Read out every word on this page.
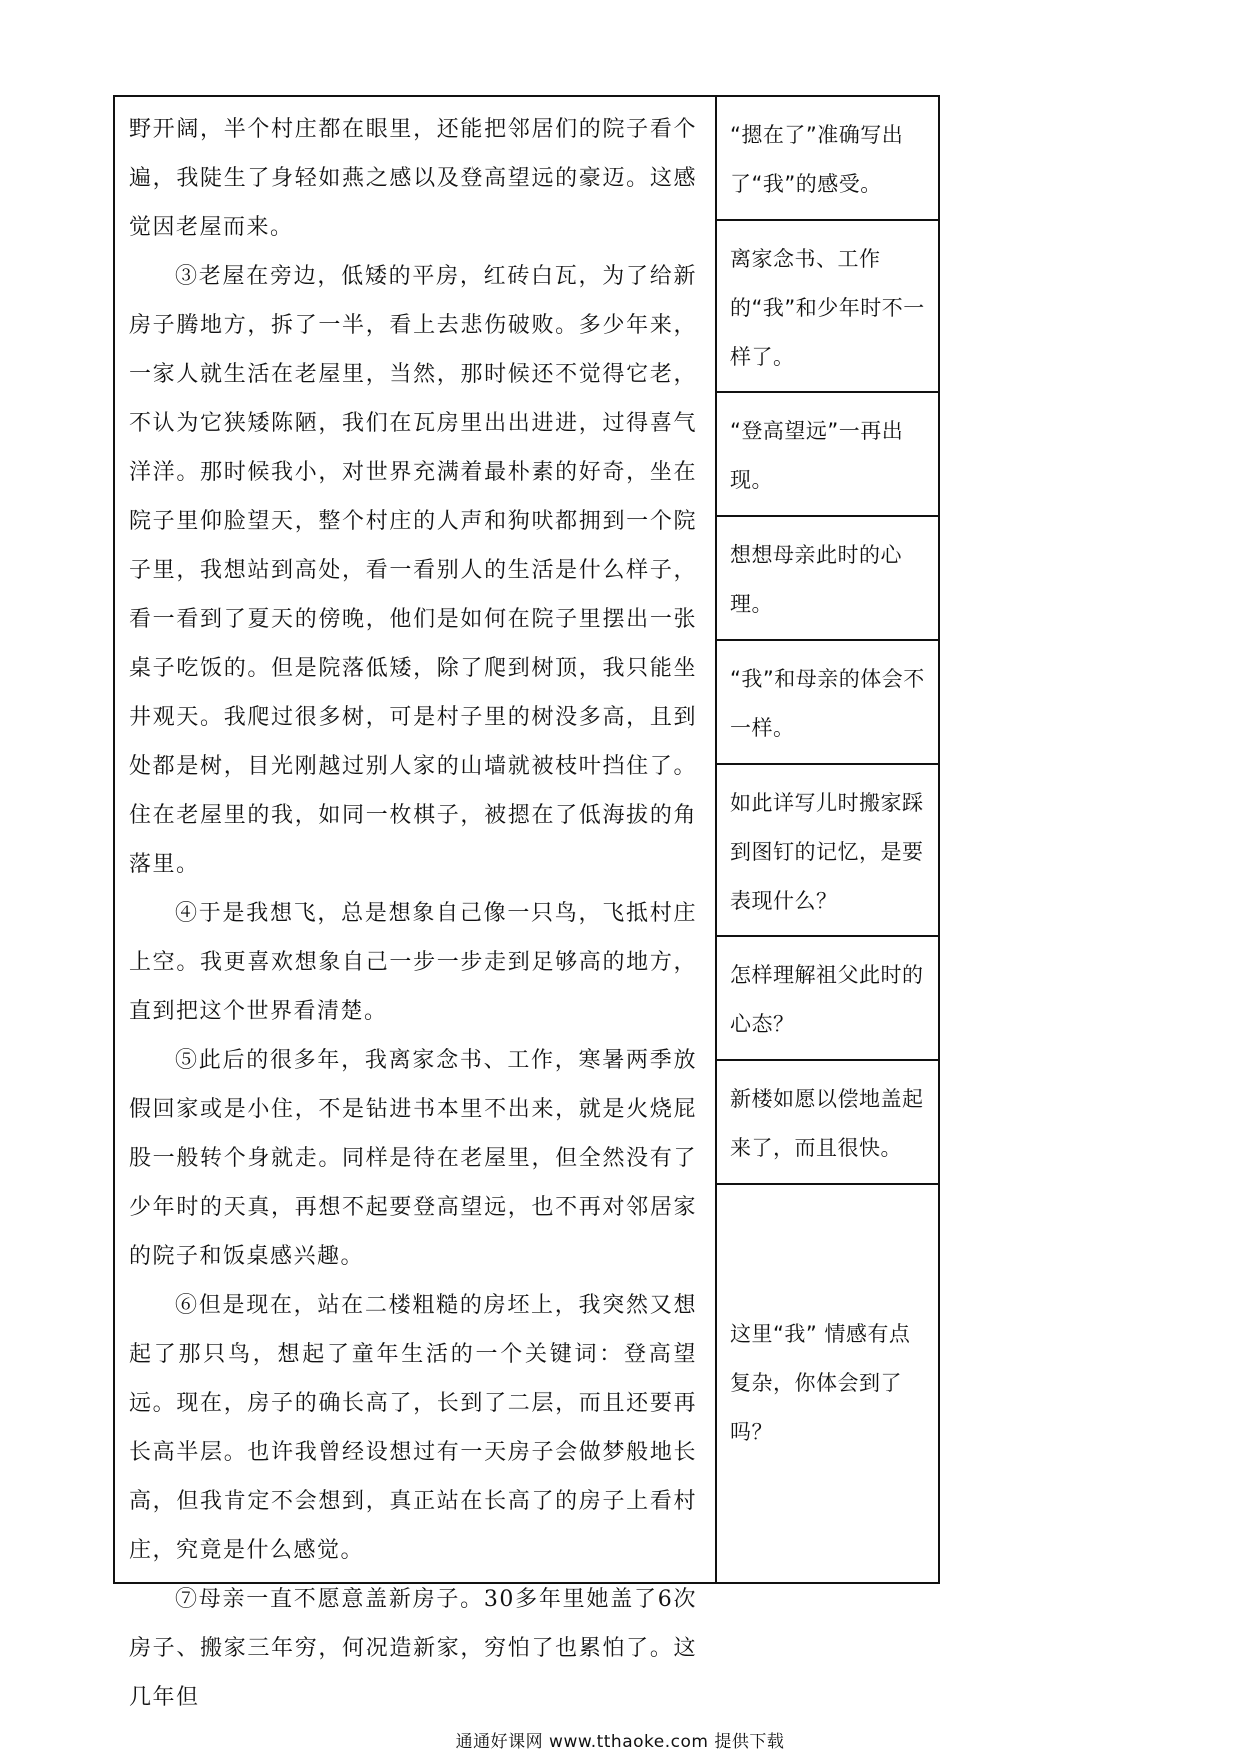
野开阔，半个村庄都在眼里，还能把邻居们的院子看个遍，我陡生了身轻如燕之感以及登高望远的豪迈。这感觉因老屋而来。

③老屋在旁边，低矮的平房，红砖白瓦，为了给新房子腾地方，拆了一半，看上去悲伤破败。多少年来，一家人就生活在老屋里，当然，那时候还不觉得它老，不认为它狭矮陈陋，我们在瓦房里出出进进，过得喜气洋洋。那时候我小，对世界充满着最朴素的好奇，坐在院子里仰脸望天，整个村庄的人声和狗吠都拥到一个院子里，我想站到高处，看一看别人的生活是什么样子，看一看到了夏天的傍晚，他们是如何在院子里摆出一张桌子吃饭的。但是院落低矮，除了爬到树顶，我只能坐井观天。我爬过很多树，可是村子里的树没多高，且到处都是树，目光刚越过别人家的山墙就被枝叶挡住了。住在老屋里的我，如同一枚棋子，被摁在了低海拔的角落里。

④于是我想飞，总是想象自己像一只鸟，飞抵村庄上空。我更喜欢想象自己一步一步走到足够高的地方，直到把这个世界看清楚。

⑤此后的很多年，我离家念书、工作，寒暑两季放假回家或是小住，不是钻进书本里不出来，就是火烧屁股一般转个身就走。同样是待在老屋里，但全然没有了少年时的天真，再想不起要登高望远，也不再对邻居家的院子和饭桌感兴趣。

⑥但是现在，站在二楼粗糙的房坯上，我突然又想起了那只鸟，想起了童年生活的一个关键词：登高望远。现在，房子的确长高了，长到了二层，而且还要再长高半层。也许我曾经设想过有一天房子会做梦般地长高，但我肯定不会想到，真正站在长高了的房子上看村庄，究竟是什么感觉。

⑦母亲一直不愿意盖新房子。30多年里她盖了6次房子、搬家三年穷，何况造新家，穷怕了也累怕了。这几年但

“摁在了”准确写出了“我”的感受。
离家念书、工作的“我”和少年时不一样了。
“登高望远”一再出现。
想想母亲此时的心理。
“我”和母亲的体会不一样。
如此详写儿时搬家踩到图钉的记忆，是要表现什么？
怎样理解祖父此时的心态？
新楼如愿以偿地盖起来了，而且很快。
这里“我” 情感有点复杂，你体会到了吗？
通通好课网 www.tthaoke.com 提供下载
